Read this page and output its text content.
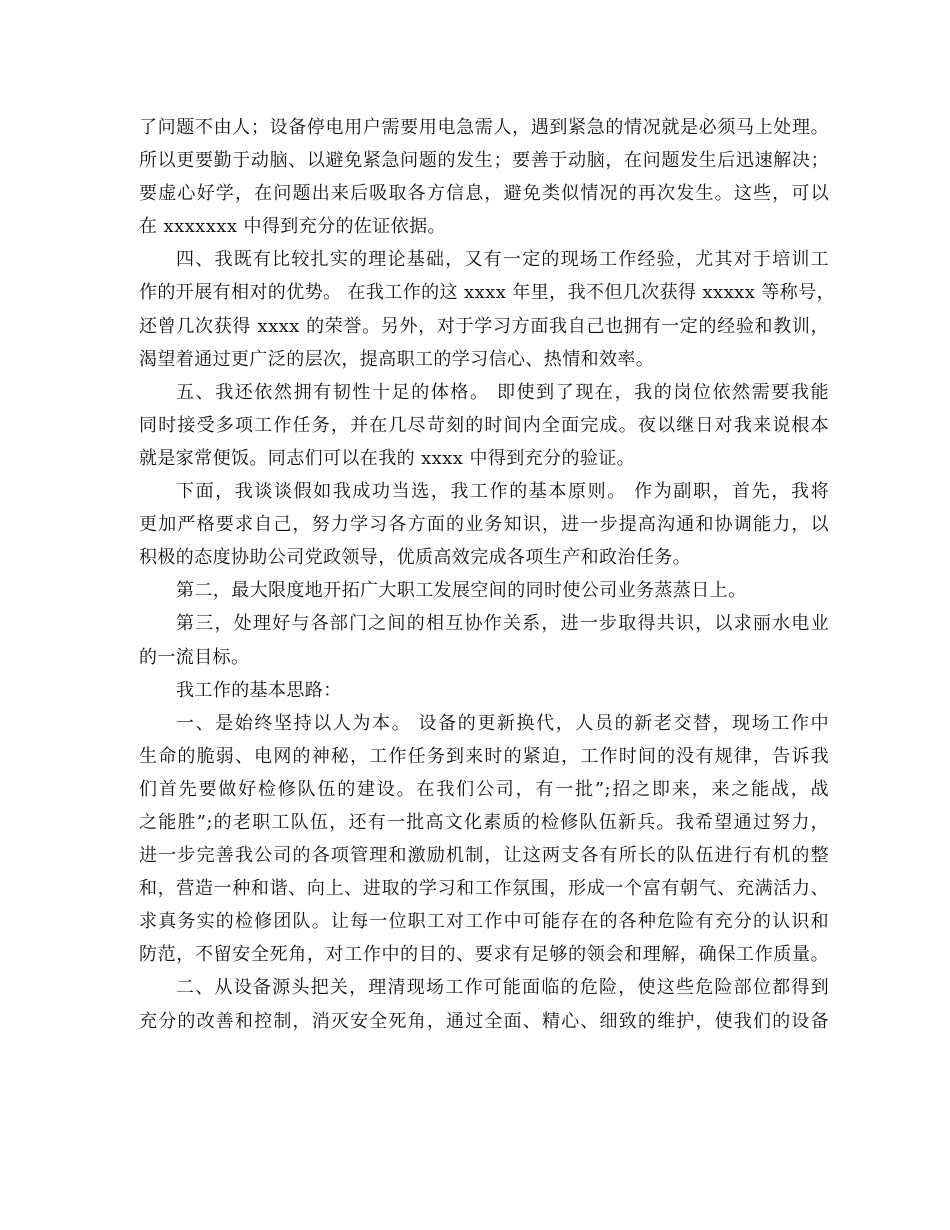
了问题不由人；设备停电用户需要用电急需人，遇到紧急的情况就是必须马上处理。
所以更要勤于动脑、以避免紧急问题的发生；要善于动脑，在问题发生后迅速解决；
要虚心好学，在问题出来后吸取各方信息，避免类似情况的再次发生。这些，可以
在 xxxxxxx 中得到充分的佐证依据。
四、我既有比较扎实的理论基础，又有一定的现场工作经验，尤其对于培训工
作的开展有相对的优势。 在我工作的这 xxxx 年里，我不但几次获得 xxxxx 等称号，
还曾几次获得 xxxx 的荣誉。另外，对于学习方面我自己也拥有一定的经验和教训，
渴望着通过更广泛的层次，提高职工的学习信心、热情和效率。
五、我还依然拥有韧性十足的体格。 即使到了现在，我的岗位依然需要我能
同时接受多项工作任务，并在几尽苛刻的时间内全面完成。夜以继日对我来说根本
就是家常便饭。同志们可以在我的 xxxx 中得到充分的验证。
下面，我谈谈假如我成功当选，我工作的基本原则。 作为副职，首先，我将
更加严格要求自己，努力学习各方面的业务知识，进一步提高沟通和协调能力，以
积极的态度协助公司党政领导，优质高效完成各项生产和政治任务。
第二，最大限度地开拓广大职工发展空间的同时使公司业务蒸蒸日上。
第三，处理好与各部门之间的相互协作关系，进一步取得共识，以求丽水电业
的一流目标。
我工作的基本思路：
一、是始终坚持以人为本。 设备的更新换代，人员的新老交替，现场工作中
生命的脆弱、电网的神秘，工作任务到来时的紧迫，工作时间的没有规律，告诉我
们首先要做好检修队伍的建设。在我们公司，有一批”;招之即来，来之能战，战
之能胜”;的老职工队伍，还有一批高文化素质的检修队伍新兵。我希望通过努力，
进一步完善我公司的各项管理和激励机制，让这两支各有所长的队伍进行有机的整
和，营造一种和谐、向上、进取的学习和工作氛围，形成一个富有朝气、充满活力、
求真务实的检修团队。让每一位职工对工作中可能存在的各种危险有充分的认识和
防范，不留安全死角，对工作中的目的、要求有足够的领会和理解，确保工作质量。
二、从设备源头把关，理清现场工作可能面临的危险，使这些危险部位都得到
充分的改善和控制，消灭安全死角，通过全面、精心、细致的维护，使我们的设备
